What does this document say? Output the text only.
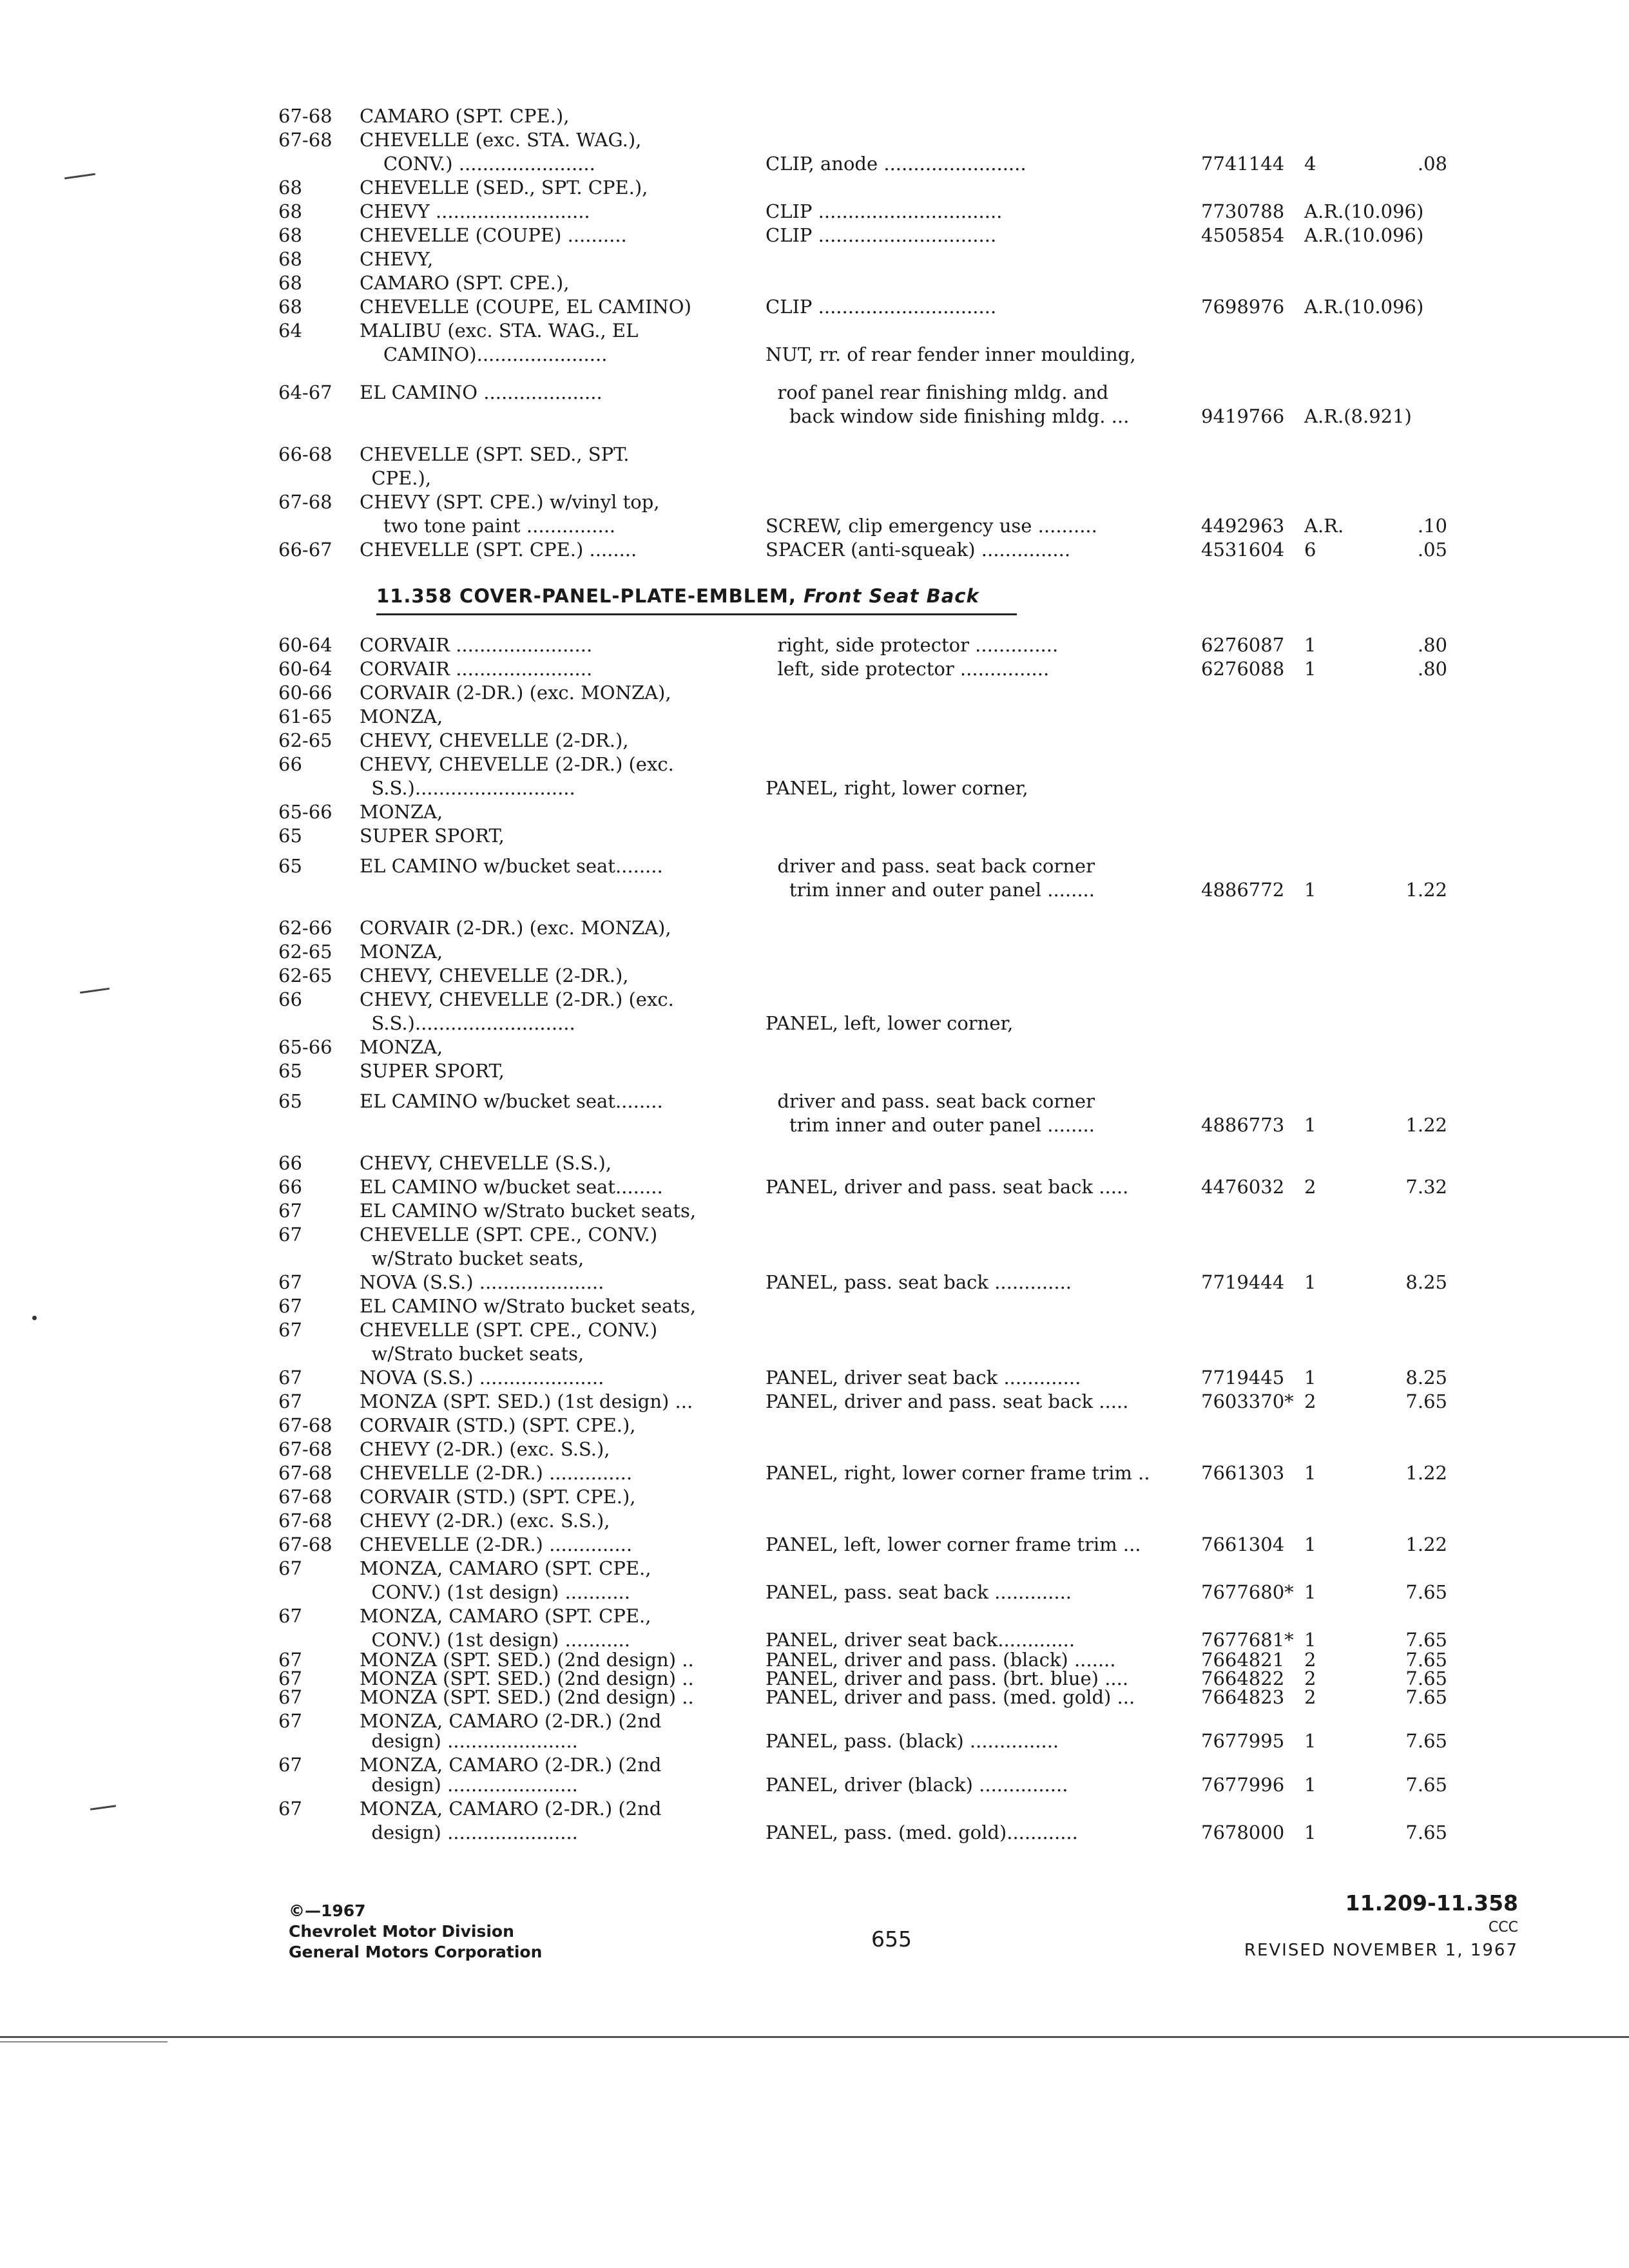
67-68 CAMARO (SPT. CPE.),
67-68 CHEVELLE (exc. STA. WAG.),
CONV.) .......................	CLIP, anode ........................	7741144 4	.08
68	CHEVELLE (SED., SPT. CPE.),
68	CHEVY ..........................	CLIP ...............................	7730788 A.R.(10.096)
68	CHEVELLE (COUPE) ..........	CLIP ..............................	4505854 A.R.(10.096)
68	CHEVY,
68	CAMARO (SPT. CPE.),
68	CHEVELLE (COUPE, EL CAMINO)	CLIP ..............................	7698976 A.R.(10.096)
64	MALIBU (exc. STA. WAG., EL
CAMINO)......................	NUT, rr. of rear fender inner moulding,
64-67 EL CAMINO ....................	roof panel rear finishing mldg. and
back window side finishing mldg. ...	9419766 A.R.(8.921)
66-68 CHEVELLE (SPT. SED., SPT.
CPE.),
67-68 CHEVY (SPT. CPE.) w/vinyl top,
two tone paint ...............	SCREW, clip emergency use ..........	4492963 A.R.	.10
66-67 CHEVELLE (SPT. CPE.) ........	SPACER (anti-squeak) ...............	4531604 6	.05
11.358 COVER-PANEL-PLATE-EMBLEM, Front Seat Back
60-64 CORVAIR .......................	right, side protector ..............	6276087 1	.80
60-64 CORVAIR .......................	left, side protector ...............	6276088 1	.80
60-66 CORVAIR (2-DR.) (exc. MONZA),
61-65 MONZA,
62-65 CHEVY, CHEVELLE (2-DR.),
66	CHEVY, CHEVELLE (2-DR.) (exc.
S.S.)...........................	PANEL, right, lower corner,
65-66 MONZA,
65	SUPER SPORT,
65	EL CAMINO w/bucket seat........	driver and pass. seat back corner
trim inner and outer panel ........	4886772 1	1.22
62-66 CORVAIR (2-DR.) (exc. MONZA),
62-65 MONZA,
62-65 CHEVY, CHEVELLE (2-DR.),
66	CHEVY, CHEVELLE (2-DR.) (exc.
S.S.)...........................	PANEL, left, lower corner,
65-66 MONZA,
65	SUPER SPORT,
65	EL CAMINO w/bucket seat........	driver and pass. seat back corner
trim inner and outer panel ........	4886773 1	1.22
66	CHEVY, CHEVELLE (S.S.),
66	EL CAMINO w/bucket seat........	PANEL, driver and pass. seat back .....	4476032 2	7.32
67	EL CAMINO w/Strato bucket seats,
67	CHEVELLE (SPT. CPE., CONV.)
w/Strato bucket seats,
67	NOVA (S.S.) .....................	PANEL, pass. seat back .............	7719444 1	8.25
67	EL CAMINO w/Strato bucket seats,
67	CHEVELLE (SPT. CPE., CONV.)
w/Strato bucket seats,
67	NOVA (S.S.) .....................	PANEL, driver seat back .............	7719445 1	8.25
67	MONZA (SPT. SED.) (1st design) ...	PANEL, driver and pass. seat back .....	7603370* 2	7.65
67-68 CORVAIR (STD.) (SPT. CPE.),
67-68 CHEVY (2-DR.) (exc. S.S.),
67-68 CHEVELLE (2-DR.) ..............	PANEL, right, lower corner frame trim ..	7661303 1	1.22
67-68 CORVAIR (STD.) (SPT. CPE.),
67-68 CHEVY (2-DR.) (exc. S.S.),
67-68 CHEVELLE (2-DR.) ..............	PANEL, left, lower corner frame trim ...	7661304 1	1.22
67	MONZA, CAMARO (SPT. CPE.,
CONV.) (1st design) ...........	PANEL, pass. seat back .............	7677680* 1	7.65
67	MONZA, CAMARO (SPT. CPE.,
CONV.) (1st design) ...........	PANEL, driver seat back.............	7677681* 1	7.65
67	MONZA (SPT. SED.) (2nd design) ..	PANEL, driver and pass. (black) .......	7664821 2	7.65
67	MONZA (SPT. SED.) (2nd design) ..	PANEL, driver and pass. (brt. blue) ....	7664822 2	7.65
67	MONZA (SPT. SED.) (2nd design) ..	PANEL, driver and pass. (med. gold) ...	7664823 2	7.65
67	MONZA, CAMARO (2-DR.) (2nd
design) ......................	PANEL, pass. (black) ...............	7677995 1	7.65
67	MONZA, CAMARO (2-DR.) (2nd
design) ......................	PANEL, driver (black) ...............	7677996 1	7.65
67	MONZA, CAMARO (2-DR.) (2nd
design) ......................	PANEL, pass. (med. gold)............	7678000 1	7.65
©—1967
Chevrolet Motor Division
General Motors Corporation
655
11.209-11.358
CCC
REVISED NOVEMBER 1, 1967
